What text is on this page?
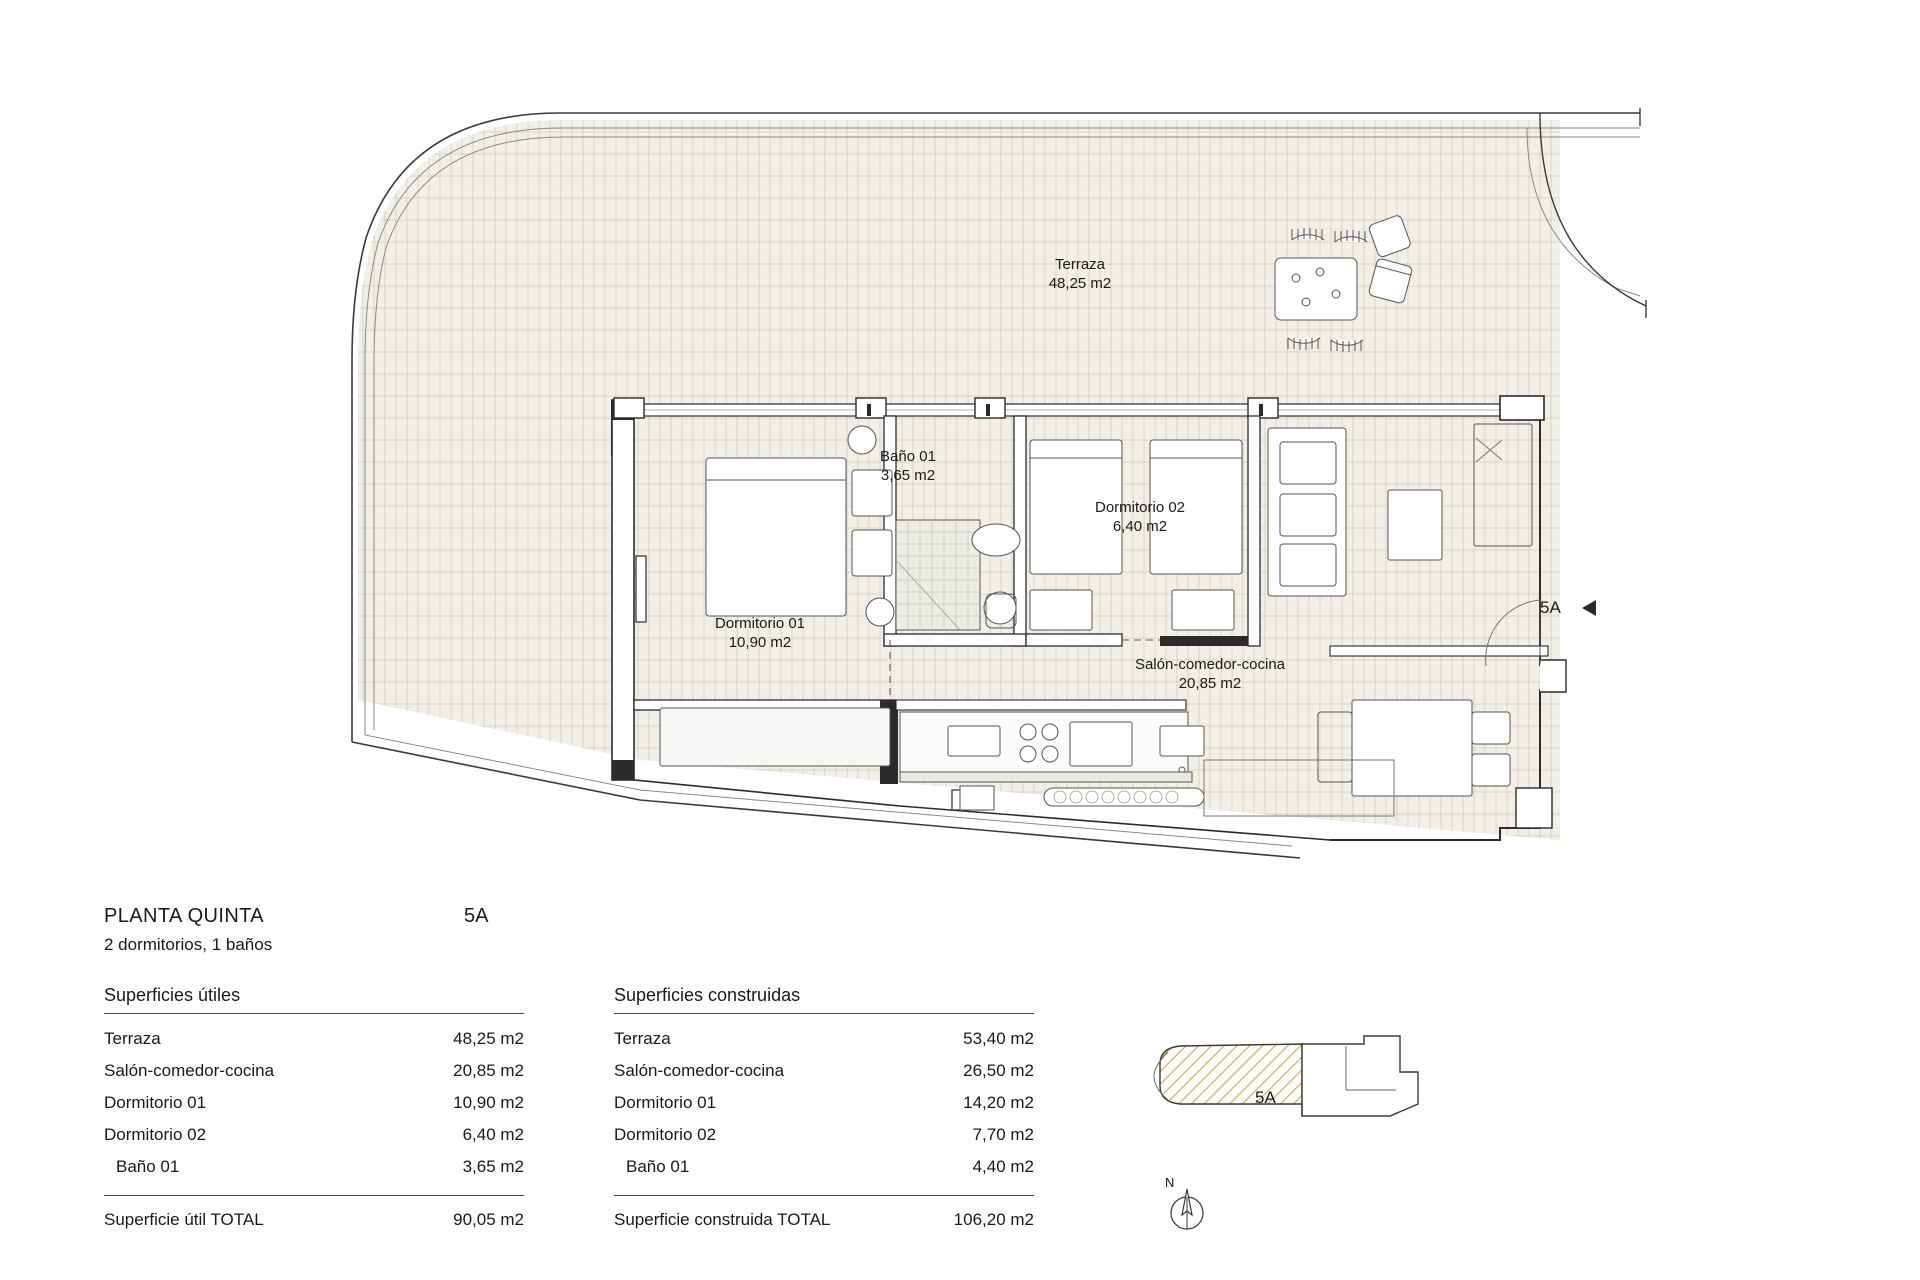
Terraza
48,25 m2
Baño 01
3,65 m2
Dormitorio 02
6,40 m2
Dormitorio 01
10,90 m2
Salón-comedor-cocina
20,85 m2
5A
PLANTA QUINTA	5A
2 dormitorios, 1 baños
Superficies útiles
Terraza	48,25 m2
Salón-comedor-cocina	20,85 m2
Dormitorio 01	10,90 m2
Dormitorio 02	6,40 m2
Baño 01	3,65 m2
Superficie útil TOTAL	90,05 m2
Superficies construidas
Terraza	53,40 m2
Salón-comedor-cocina	26,50 m2
Dormitorio 01	14,20 m2
Dormitorio 02	7,70 m2
Baño 01	4,40 m2
Superficie construida TOTAL	106,20 m2
5A
N
